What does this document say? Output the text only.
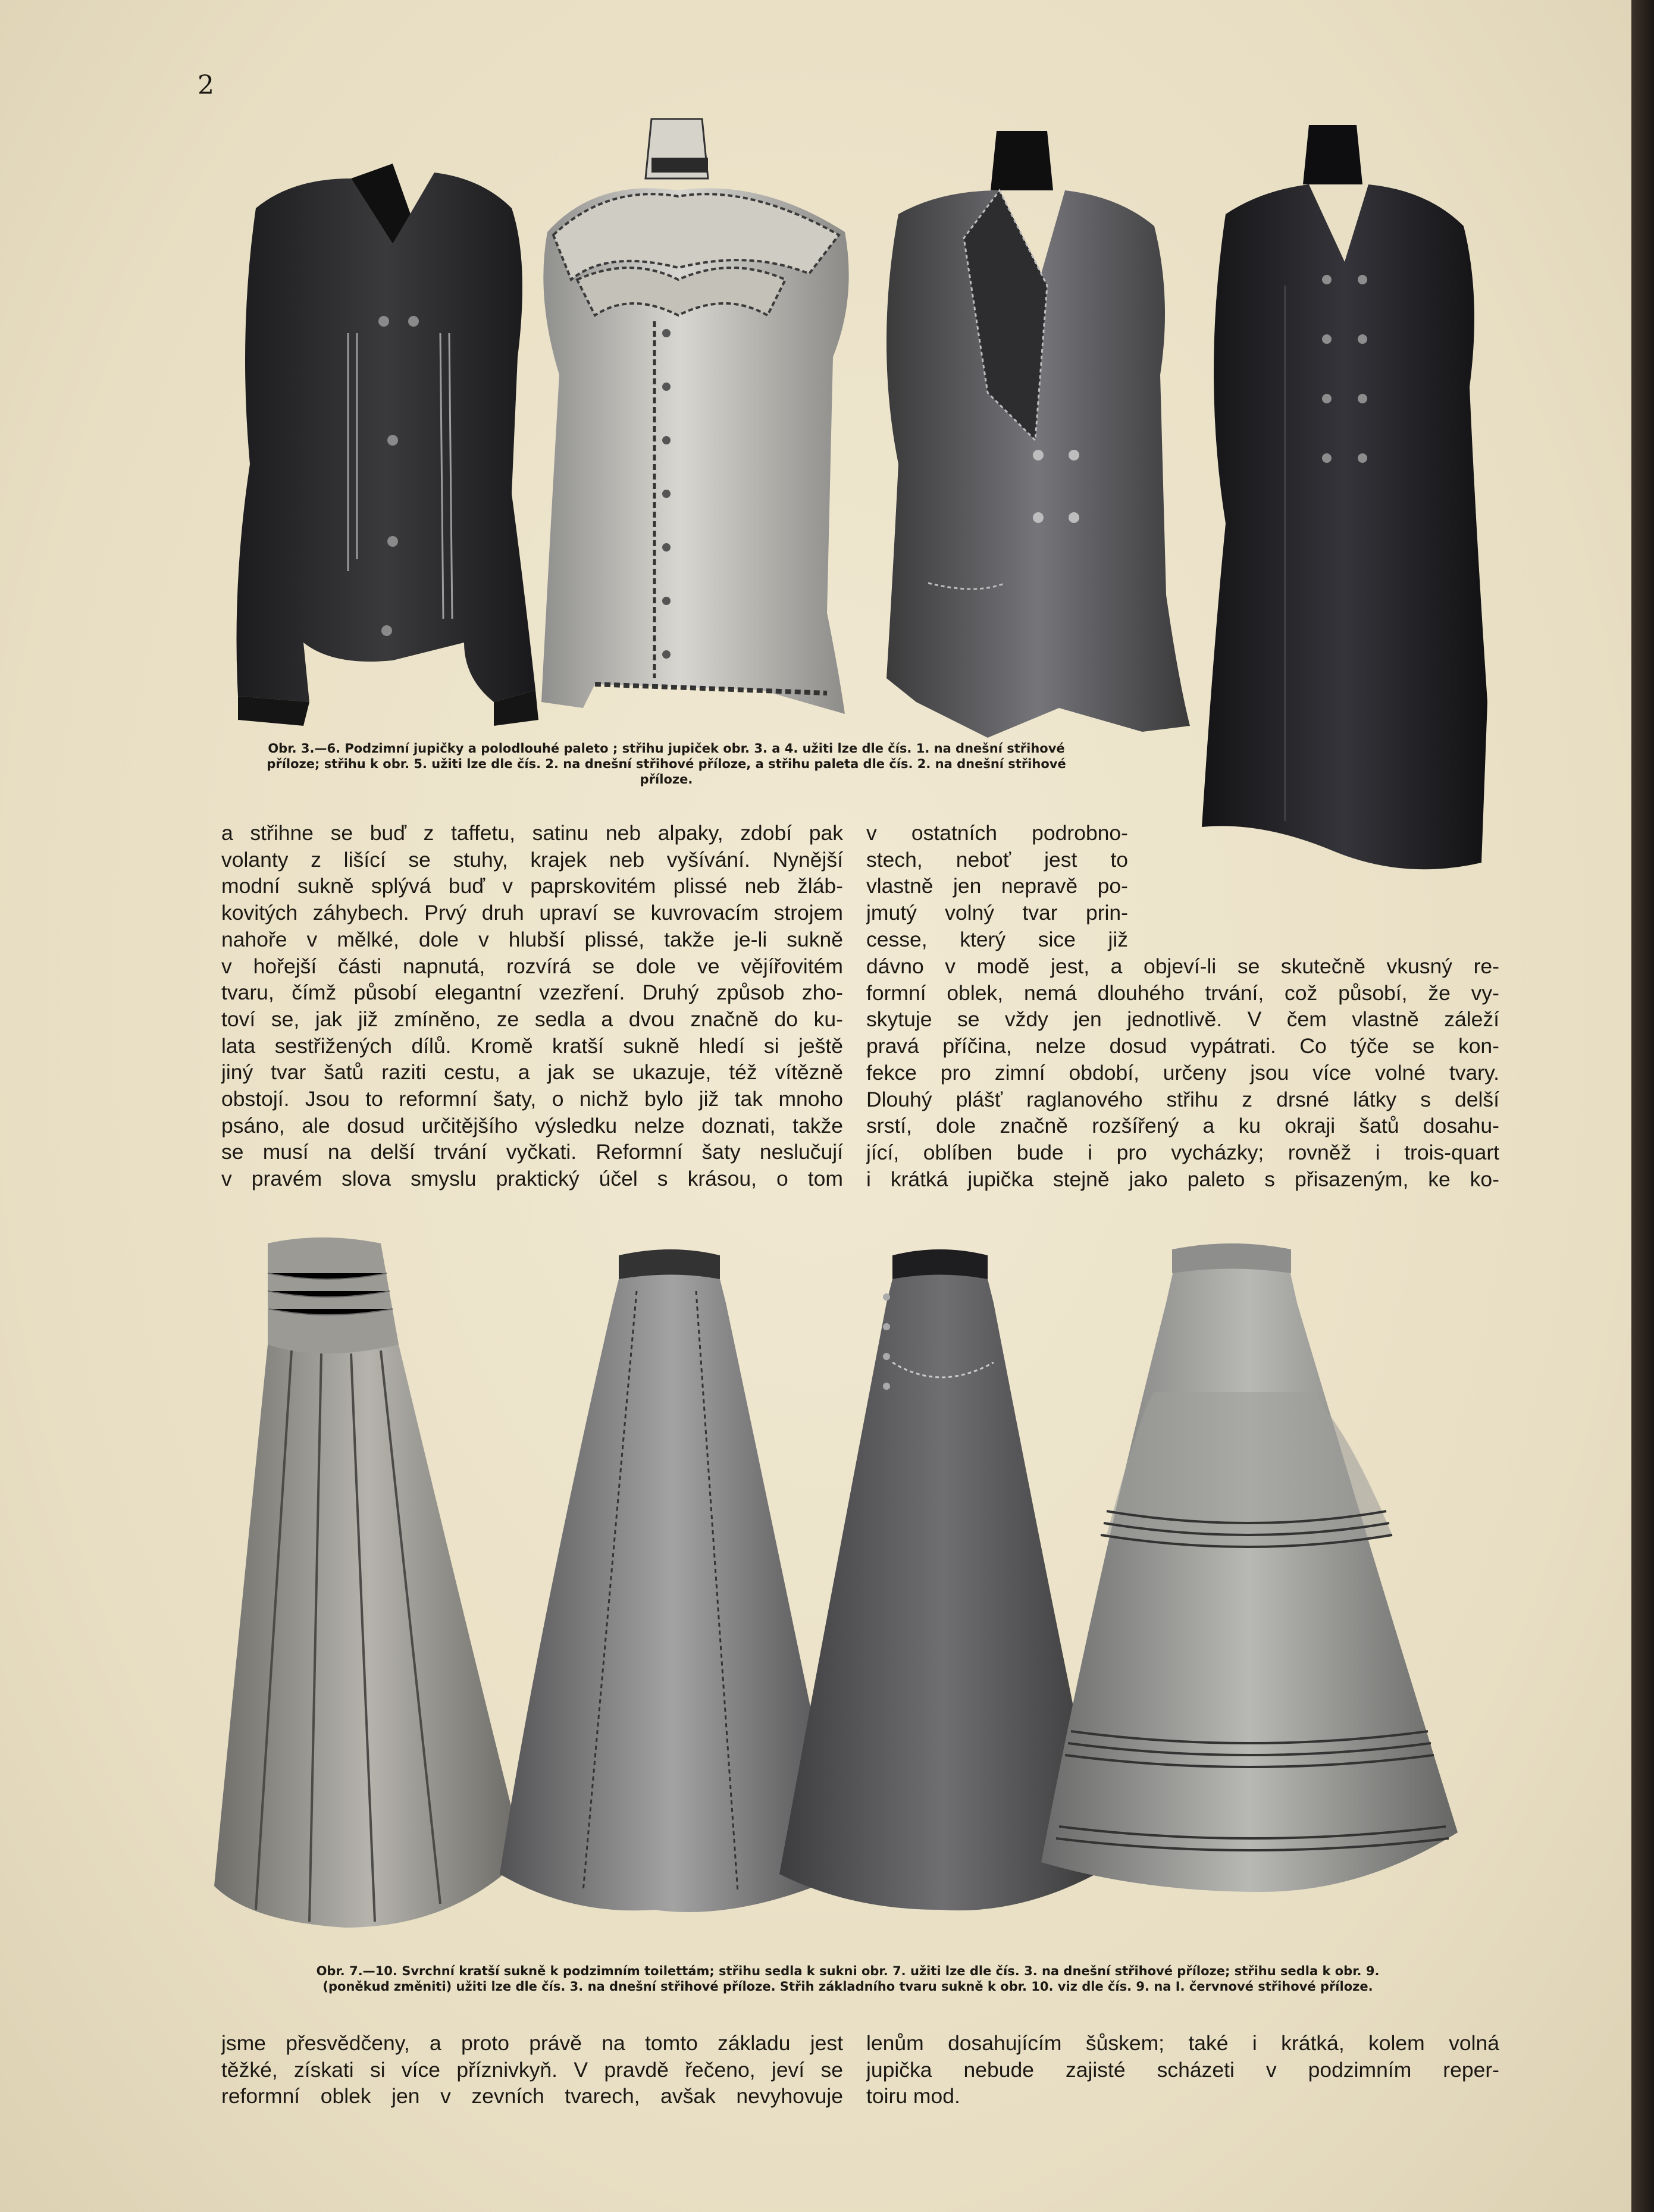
2
Obr. 3.—6. Podzimní jupičky a polodlouhé paleto ; střihu jupiček obr. 3. a 4. užiti lze dle čís. 1. na dnešní střihové
příloze; střihu k obr. 5. užiti lze dle čís. 2. na dnešní střihové příloze, a střihu paleta dle čís. 2. na dnešní střihové
příloze.
a střihne se buď z taffetu, satinu neb alpaky, zdobí pak
volanty z lišící se stuhy, krajek neb vyšívání. Nynější
modní sukně splývá buď v paprskovitém plissé neb žláb-
kovitých záhybech. Prvý druh upraví se kuvrovacím strojem
nahoře v mělké, dole v hlubší plissé, takže je-li sukně
v hořejší části napnutá, rozvírá se dole ve vějířovitém
tvaru, čímž působí elegantní vzezření. Druhý způsob zho-
toví se, jak již zmíněno, ze sedla a dvou značně do ku-
lata sestřižených dílů. Kromě kratší sukně hledí si ještě
jiný tvar šatů raziti cestu, a jak se ukazuje, též vítězně
obstojí. Jsou to reformní šaty, o nichž bylo již tak mnoho
psáno, ale dosud určitějšího výsledku nelze doznati, takže
se musí na delší trvání vyčkati. Reformní šaty neslučují
v pravém slova smyslu praktický účel s krásou, o tom
v ostatních podrobno-
stech, neboť jest to
vlastně jen nepravě po-
jmutý volný tvar prin-
cesse, který sice již
dávno v modě jest, a objeví-li se skutečně vkusný re-
formní oblek, nemá dlouhého trvání, což působí, že vy-
skytuje se vždy jen jednotlivě. V čem vlastně záleží
pravá příčina, nelze dosud vypátrati. Co týče se kon-
fekce pro zimní období, určeny jsou více volné tvary.
Dlouhý plášť raglanového střihu z drsné látky s delší
srstí, dole značně rozšířený a ku okraji šatů dosahu-
jící, oblíben bude i pro vycházky; rovněž i trois-quart
i krátká jupička stejně jako paleto s přisazeným, ke ko-
Obr. 7.—10. Svrchní kratší sukně k podzimním toilettám; střihu sedla k sukni obr. 7. užiti lze dle čís. 3. na dnešní střihové příloze; střihu sedla k obr. 9.
(poněkud změniti) užiti lze dle čís. 3. na dnešní střihové příloze. Střih základního tvaru sukně k obr. 10. viz dle čís. 9. na I. červnové střihové příloze.
jsme přesvědčeny, a proto právě na tomto základu jest
těžké, získati si více příznivkyň. V pravdě řečeno, jeví se
reformní oblek jen v zevních tvarech, avšak nevyhovuje
lenům dosahujícím šůskem; také i krátká, kolem volná
jupička nebude zajisté scházeti v podzimním reper-
toiru mod.
